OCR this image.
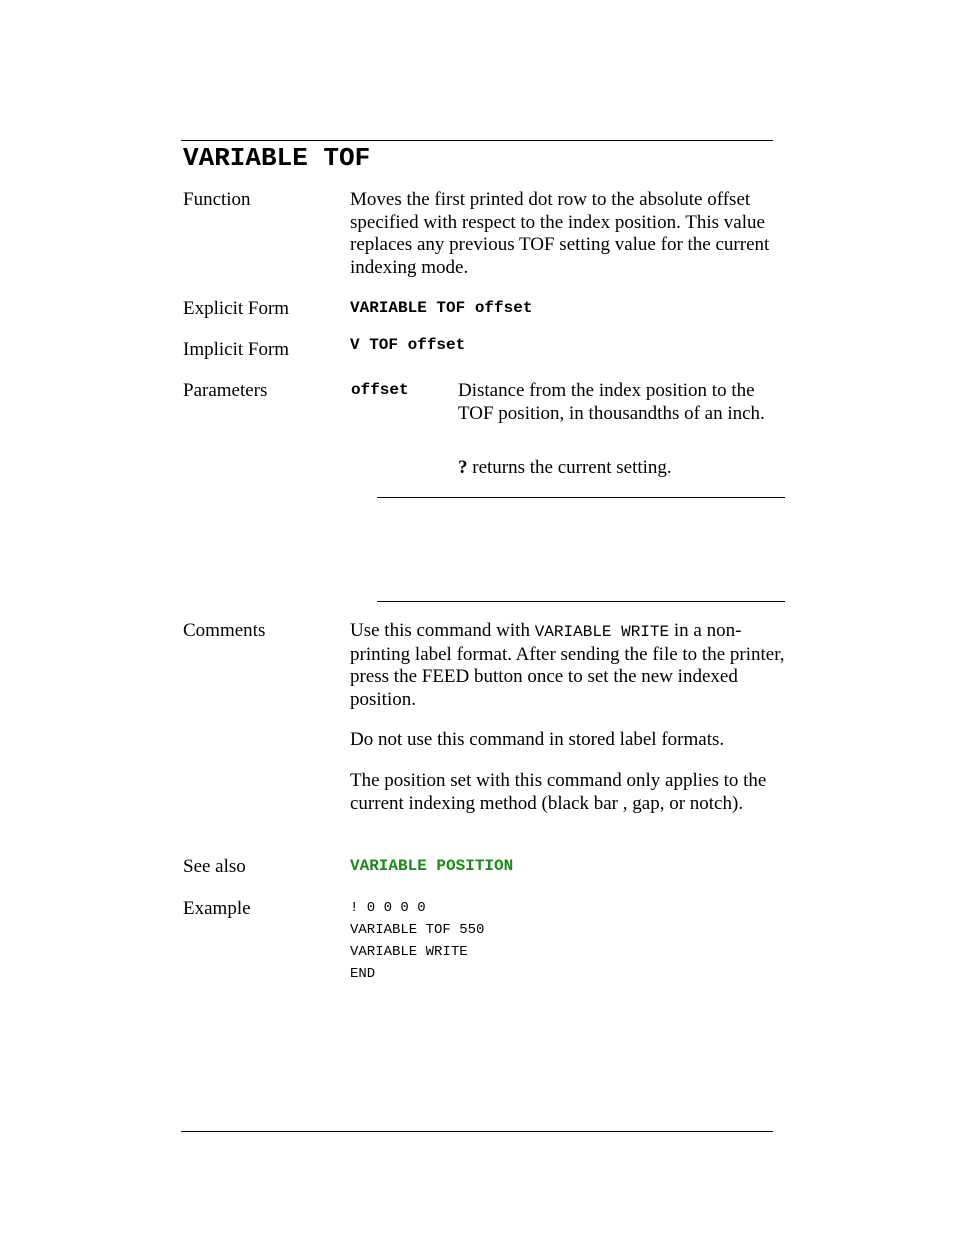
VARIABLE TOF

Function	Moves the first printed dot row to the absolute offset specified with respect to the index position. This value replaces any previous TOF setting value for the current indexing mode.

Explicit Form	VARIABLE TOF offset

Implicit Form	V TOF offset

Parameters	offset	Distance from the index position to the TOF position, in thousandths of an inch.

? returns the current setting.

Comments	Use this command with VARIABLE WRITE in a non-printing label format. After sending the file to the printer, press the FEED button once to set the new indexed position.

Do not use this command in stored label formats.

The position set with this command only applies to the current indexing method (black bar , gap, or notch).

See also	VARIABLE POSITION

Example	! 0 0 0 0
VARIABLE TOF 550
VARIABLE WRITE
END
